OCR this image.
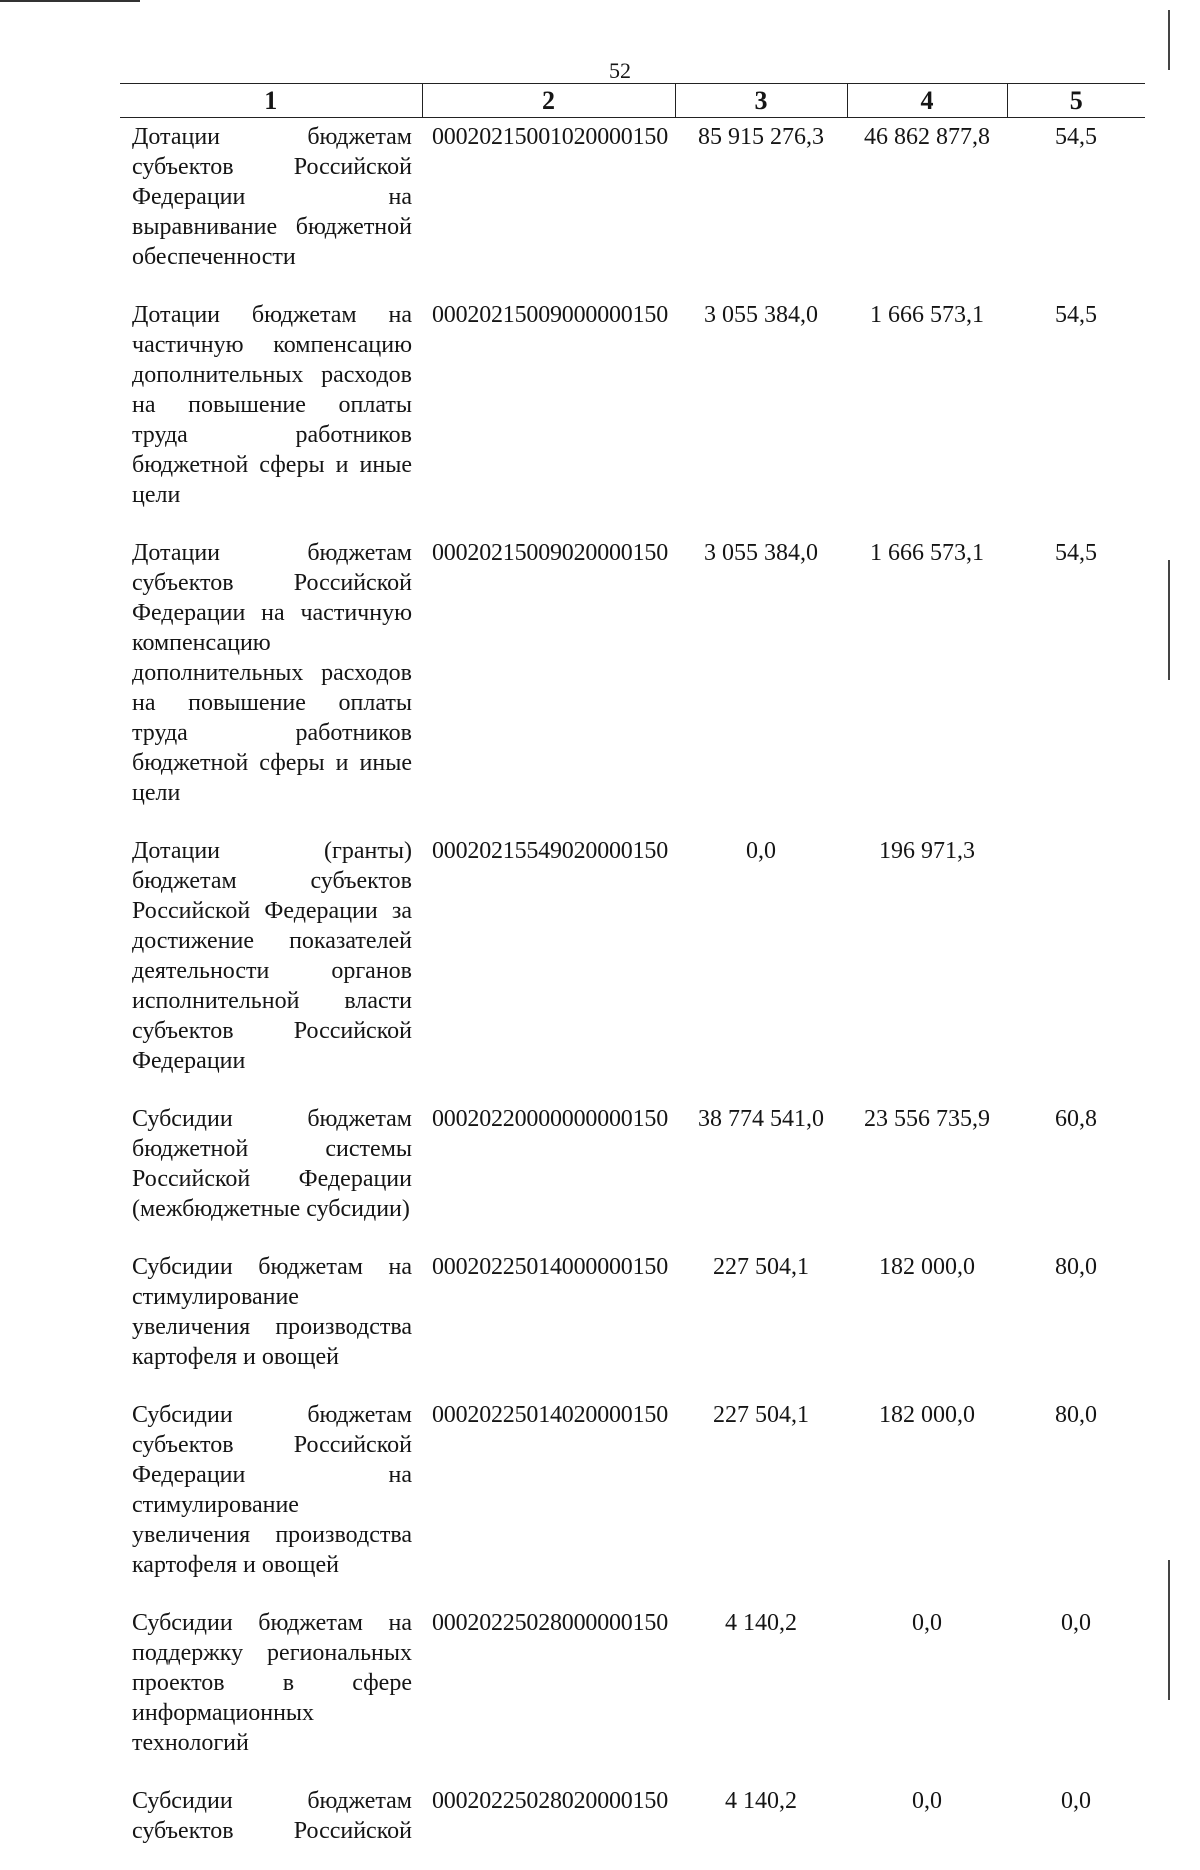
52
1	2	3	4	5
Дотации бюджетам субъектов Российской Федерации на выравнивание бюджетной обеспеченности	00020215001020000150	85 915 276,3	46 862 877,8	54,5
Дотации бюджетам на частичную компенсацию дополнительных расходов на повышение оплаты труда работников бюджетной сферы и иные цели	00020215009000000150	3 055 384,0	1 666 573,1	54,5
Дотации бюджетам субъектов Российской Федерации на частичную компенсацию дополнительных расходов на повышение оплаты труда работников бюджетной сферы и иные цели	00020215009020000150	3 055 384,0	1 666 573,1	54,5
Дотации (гранты) бюджетам субъектов Российской Федерации за достижение показателей деятельности органов исполнительной власти субъектов Российской Федерации	00020215549020000150	0,0	196 971,3	
Субсидии бюджетам бюджетной системы Российской Федерации (межбюджетные субсидии)	00020220000000000150	38 774 541,0	23 556 735,9	60,8
Субсидии бюджетам на стимулирование увеличения производства картофеля и овощей	00020225014000000150	227 504,1	182 000,0	80,0
Субсидии бюджетам субъектов Российской Федерации на стимулирование увеличения производства картофеля и овощей	00020225014020000150	227 504,1	182 000,0	80,0
Субсидии бюджетам на поддержку региональных проектов в сфере информационных технологий	00020225028000000150	4 140,2	0,0	0,0
Субсидии бюджетам субъектов Российской	00020225028020000150	4 140,2	0,0	0,0
